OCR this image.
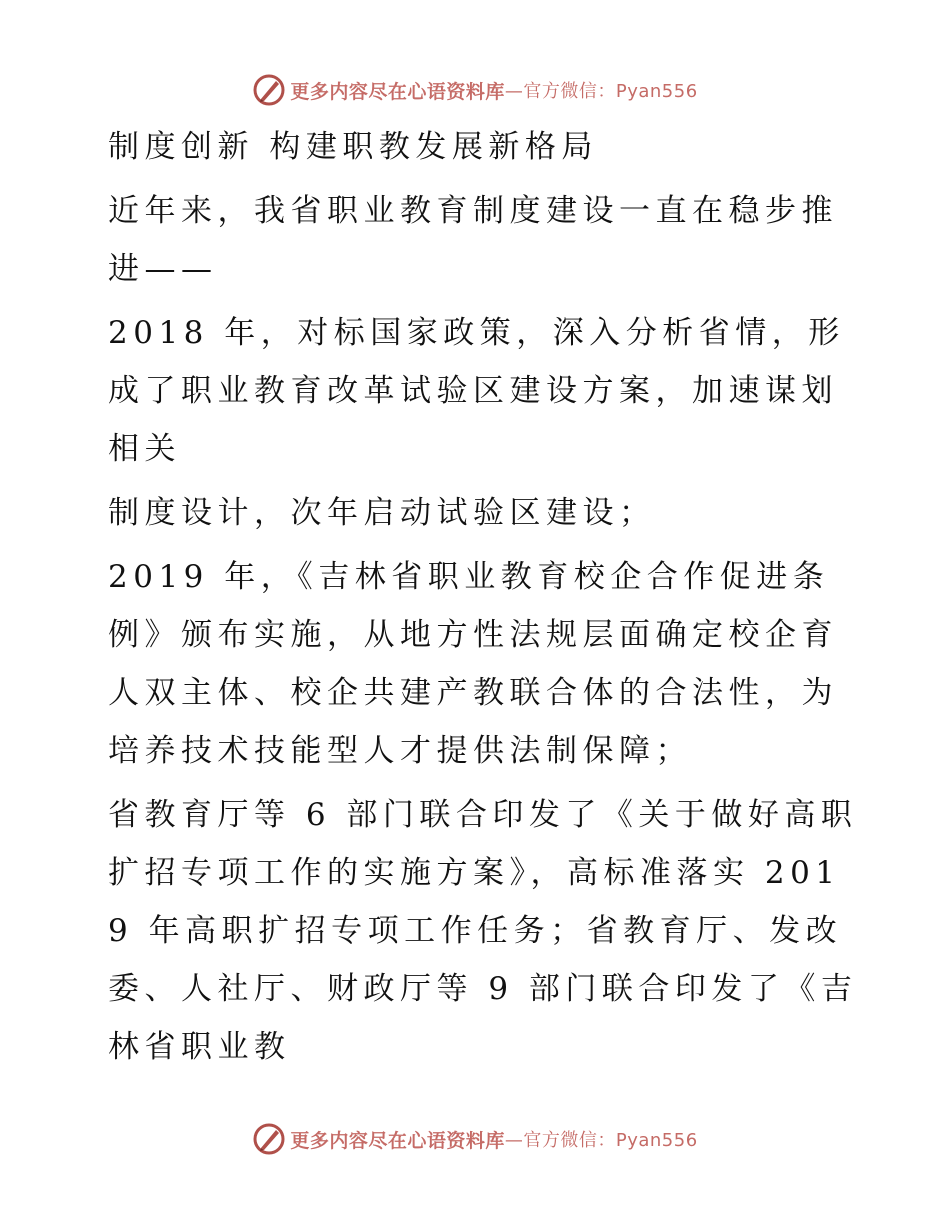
更多内容尽在心语资料库 —官方微信：Pyan556

制度创新 构建职教发展新格局

近年来，我省职业教育制度建设一直在稳步推进——

2018 年，对标国家政策，深入分析省情，形成了职业教育改革试验区建设方案，加速谋划相关

制度设计，次年启动试验区建设；

2019 年，《吉林省职业教育校企合作促进条例》颁布实施，从地方性法规层面确定校企育人双主体、校企共建产教联合体的合法性，为培养技术技能型人才提供法制保障；

省教育厅等 6 部门联合印发了《关于做好高职扩招专项工作的实施方案》，高标准落实 2019 年高职扩招专项工作任务；省教育厅、发改委、人社厅、财政厅等 9 部门联合印发了《吉林省职业教

更多内容尽在心语资料库 —官方微信：Pyan556
